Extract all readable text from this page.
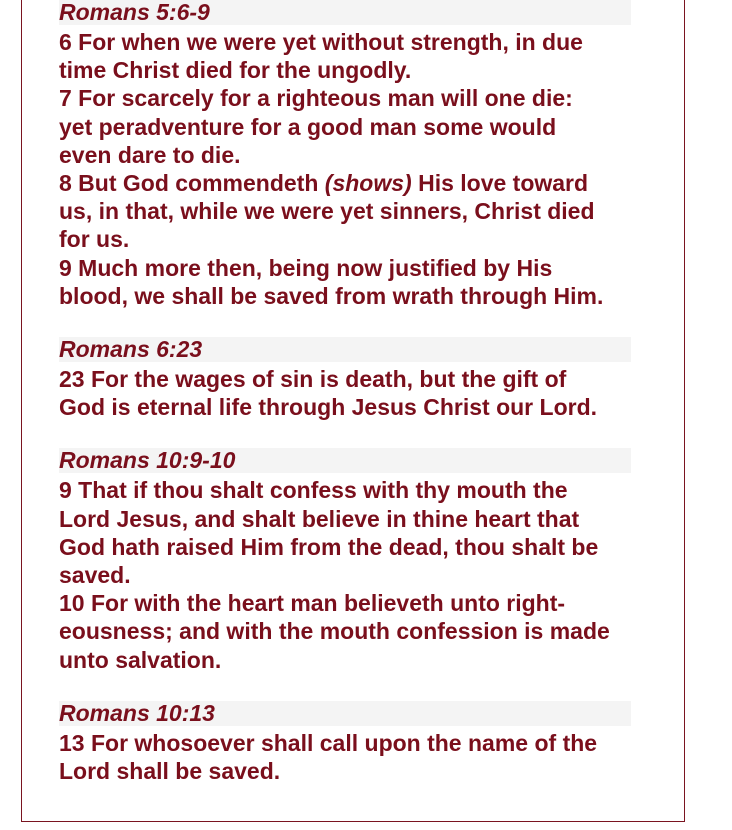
Romans 5:6-9
6 For when we were yet without strength, in due
time Christ died for the ungodly.
7 For scarcely for a righteous man will one die:
yet peradventure for a good man some would
even dare to die.
8 But God commendeth (shows) His love toward
us, in that, while we were yet sinners, Christ died
for us.
9 Much more then, being now justified by His
blood, we shall be saved from wrath through Him.
Romans 6:23
23 For the wages of sin is death, but the gift of
God is eternal life through Jesus Christ our Lord.
Romans 10:9-10
9 That if thou shalt confess with thy mouth the
Lord Jesus, and shalt believe in thine heart that
God hath raised Him from the dead, thou shalt be
saved.
10 For with the heart man believeth unto right-
eousness; and with the mouth confession is made
unto salvation.
Romans 10:13
13 For whosoever shall call upon the name of the
Lord shall be saved.
